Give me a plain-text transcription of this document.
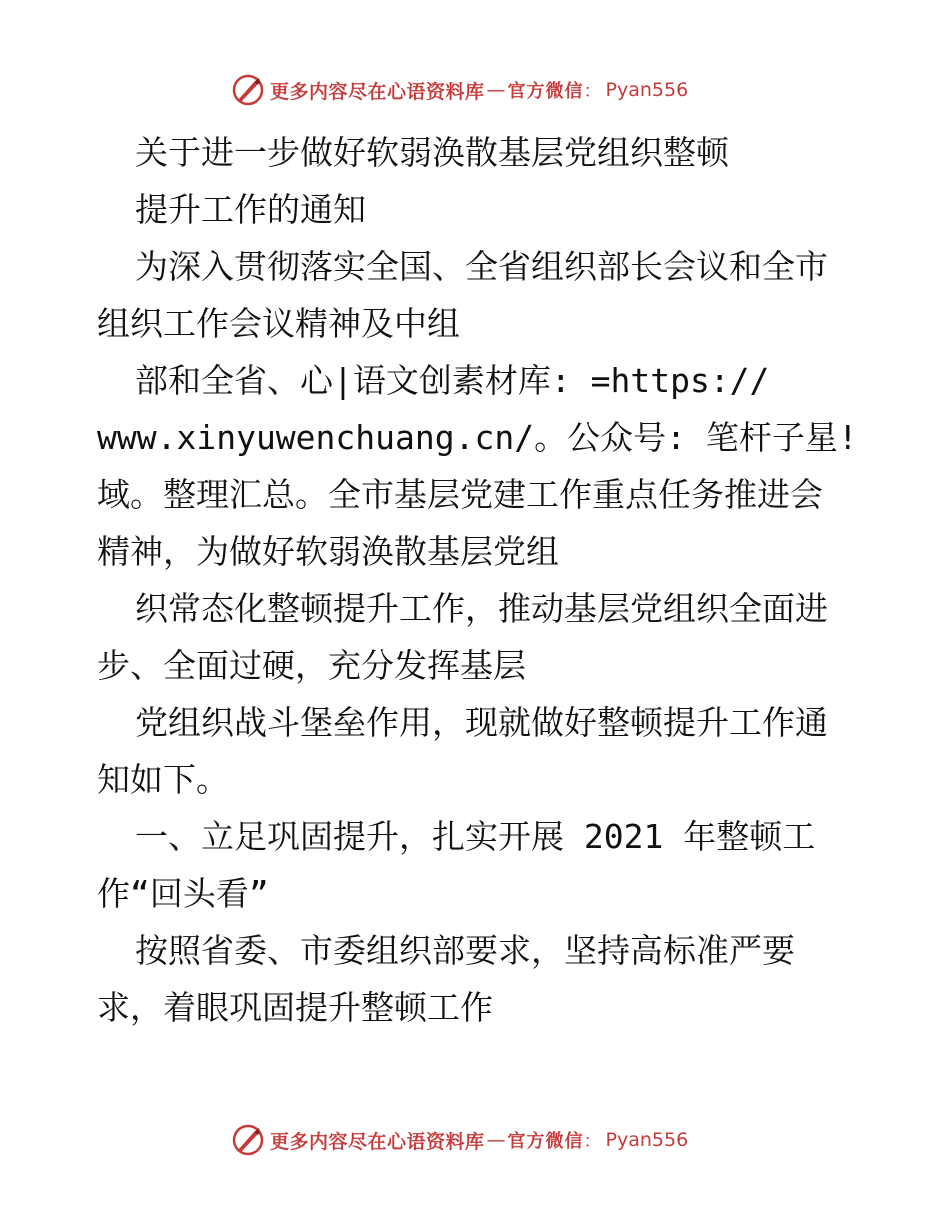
更多内容尽在心语资料库 — 官方微信 ： Pyan556
关于进一步做好软弱涣散基层党组织整顿
提升工作的通知
为深入贯彻落实全国、全省组织部长会议和全市
组织工作会议精神及中组
部和全省、心|语文创素材库: =https://
www.xinyuwenchuang.cn/。公众号: 笔杆子星!
域。整理汇总。全市基层党建工作重点任务推进会
精神，为做好软弱涣散基层党组
织常态化整顿提升工作，推动基层党组织全面进
步、全面过硬，充分发挥基层
党组织战斗堡垒作用，现就做好整顿提升工作通
知如下。
一、立足巩固提升，扎实开展 2021 年整顿工
作“回头看”
按照省委、市委组织部要求，坚持高标准严要
求，着眼巩固提升整顿工作
更多内容尽在心语资料库 — 官方微信 ： Pyan556
